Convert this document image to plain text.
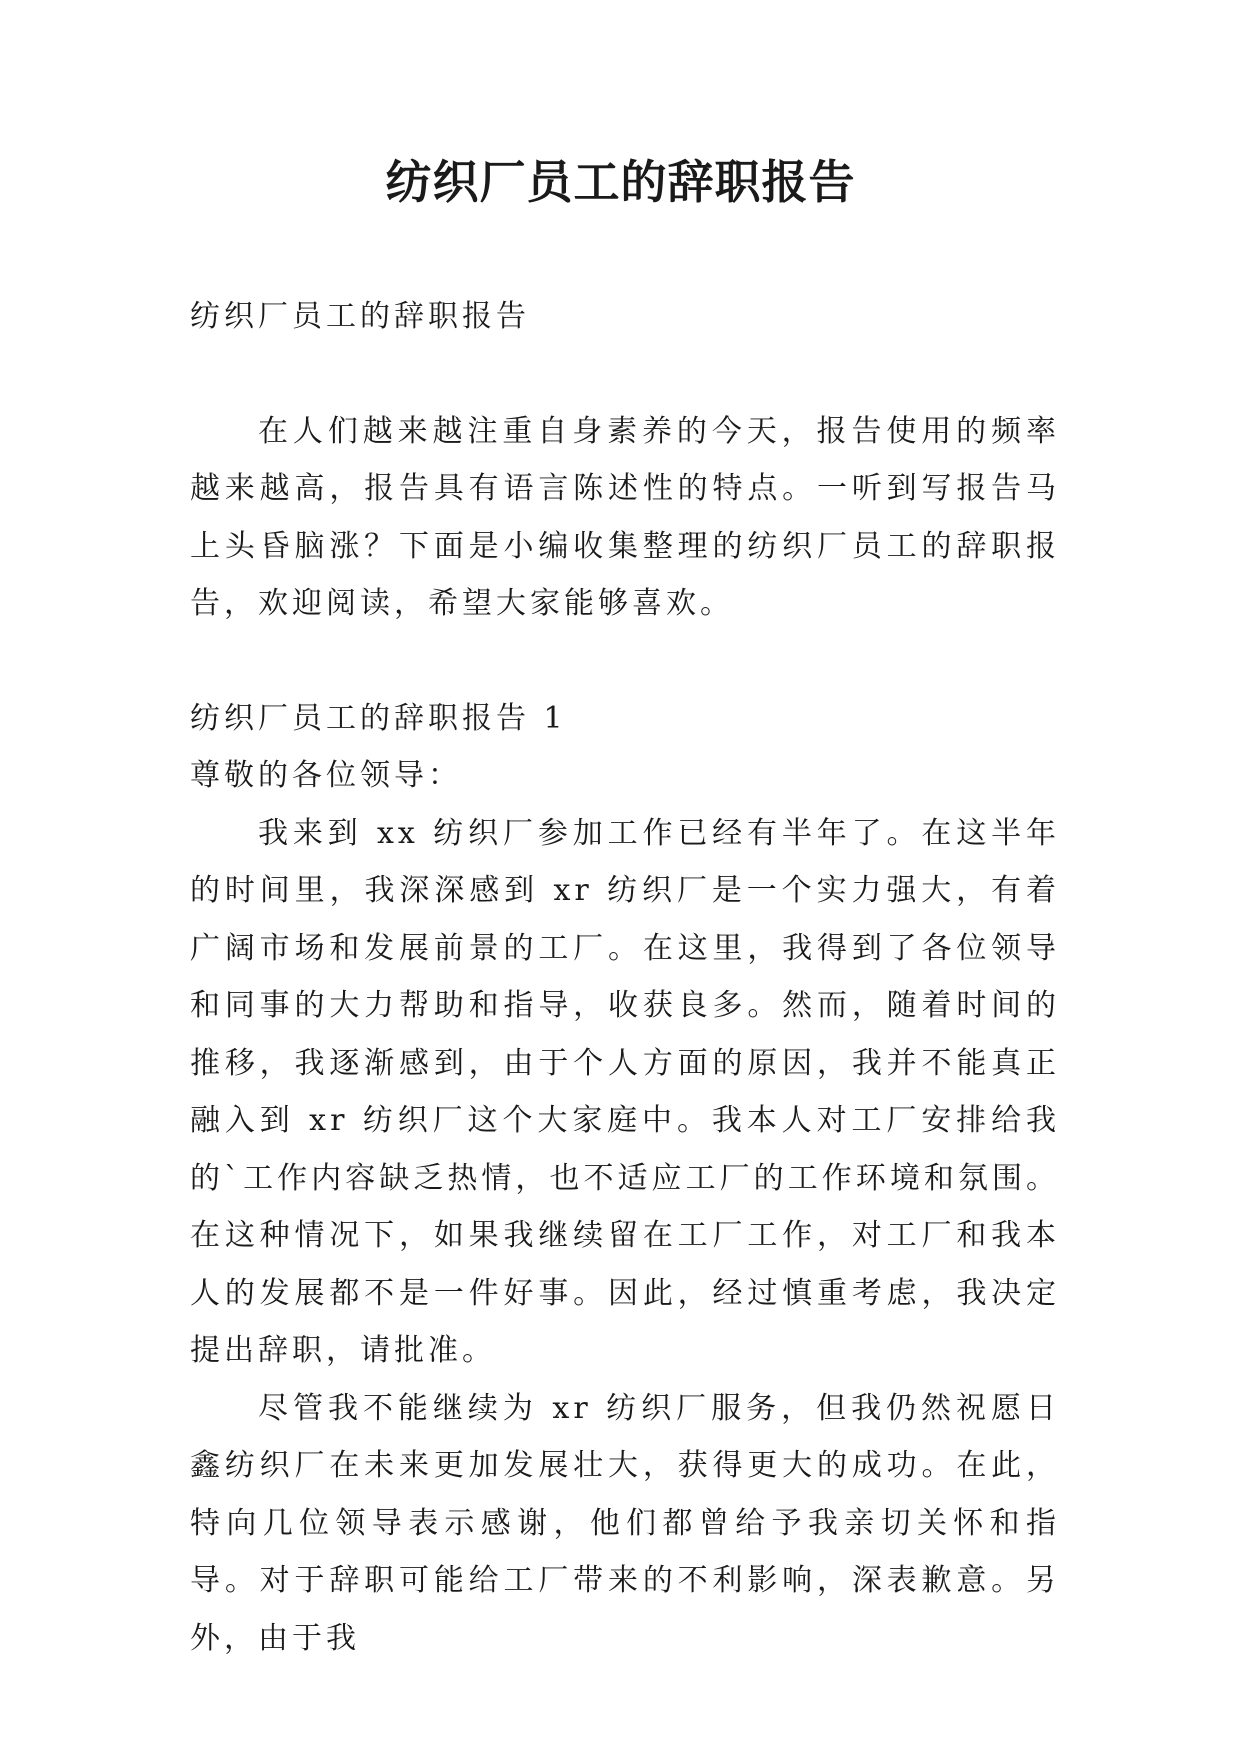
纺织厂员工的辞职报告

纺织厂员工的辞职报告

在人们越来越注重自身素养的今天，报告使用的频率越来越高，报告具有语言陈述性的特点。一听到写报告马上头昏脑涨？下面是小编收集整理的纺织厂员工的辞职报告，欢迎阅读，希望大家能够喜欢。

纺织厂员工的辞职报告 1

尊敬的各位领导：

我来到 xx 纺织厂参加工作已经有半年了。在这半年的时间里，我深深感到 xr 纺织厂是一个实力强大，有着广阔市场和发展前景的工厂。在这里，我得到了各位领导和同事的大力帮助和指导，收获良多。然而，随着时间的推移，我逐渐感到，由于个人方面的原因，我并不能真正融入到 xr 纺织厂这个大家庭中。我本人对工厂安排给我的`工作内容缺乏热情，也不适应工厂的工作环境和氛围。在这种情况下，如果我继续留在工厂工作，对工厂和我本人的发展都不是一件好事。因此，经过慎重考虑，我决定提出辞职，请批准。

尽管我不能继续为 xr 纺织厂服务，但我仍然祝愿日鑫纺织厂在未来更加发展壮大，获得更大的成功。在此，特向几位领导表示感谢，他们都曾给予我亲切关怀和指导。对于辞职可能给工厂带来的不利影响，深表歉意。另外，由于我
